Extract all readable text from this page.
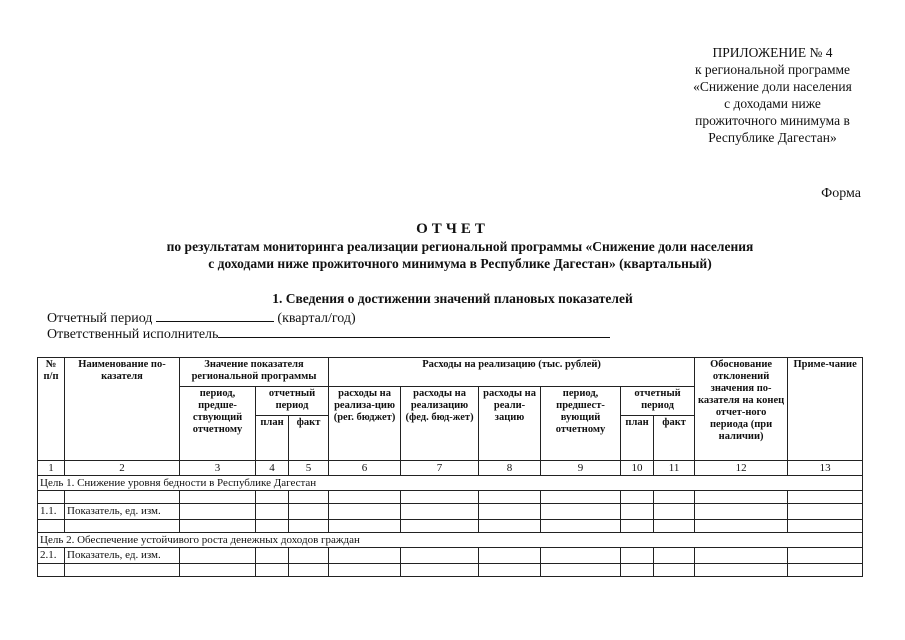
ПРИЛОЖЕНИЕ № 4
к региональной программе
«Снижение доли населения
с доходами ниже
прожиточного минимума в
Республике Дагестан»
Форма
ОТЧЕТ
по результатам мониторинга реализации региональной программы «Снижение доли населения
с доходами ниже прожиточного минимума в Республике Дагестан» (квартальный)
1. Сведения о достижении значений плановых показателей
Отчетный период	(квартал/год)
Ответственный исполнитель
№ п/п	Наименование по-казателя	Значение показателя региональной программы			Расходы на реализацию (тыс. рублей)						Обоснование отклонений значения по-казателя на конец отчет-ного периода (при наличии)	Приме-чание
		период, предше-ствующий отчетному	отчетный период		расходы на реализа-цию (рег. бюджет)	расходы на реализацию (фед. бюд-жет)	расходы на реали-зацию	период, предшест-вующий отчетному	отчетный период			
			план	факт					план	факт		
1	2	3	4	5	6	7	8	9	10	11	12	13
Цель 1. Снижение уровня бедности в Республике Дагестан												

1.1.	Показатель, ед. изм.											

Цель 2. Обеспечение устойчивого роста денежных доходов граждан												
2.1.	Показатель, ед. изм.											
